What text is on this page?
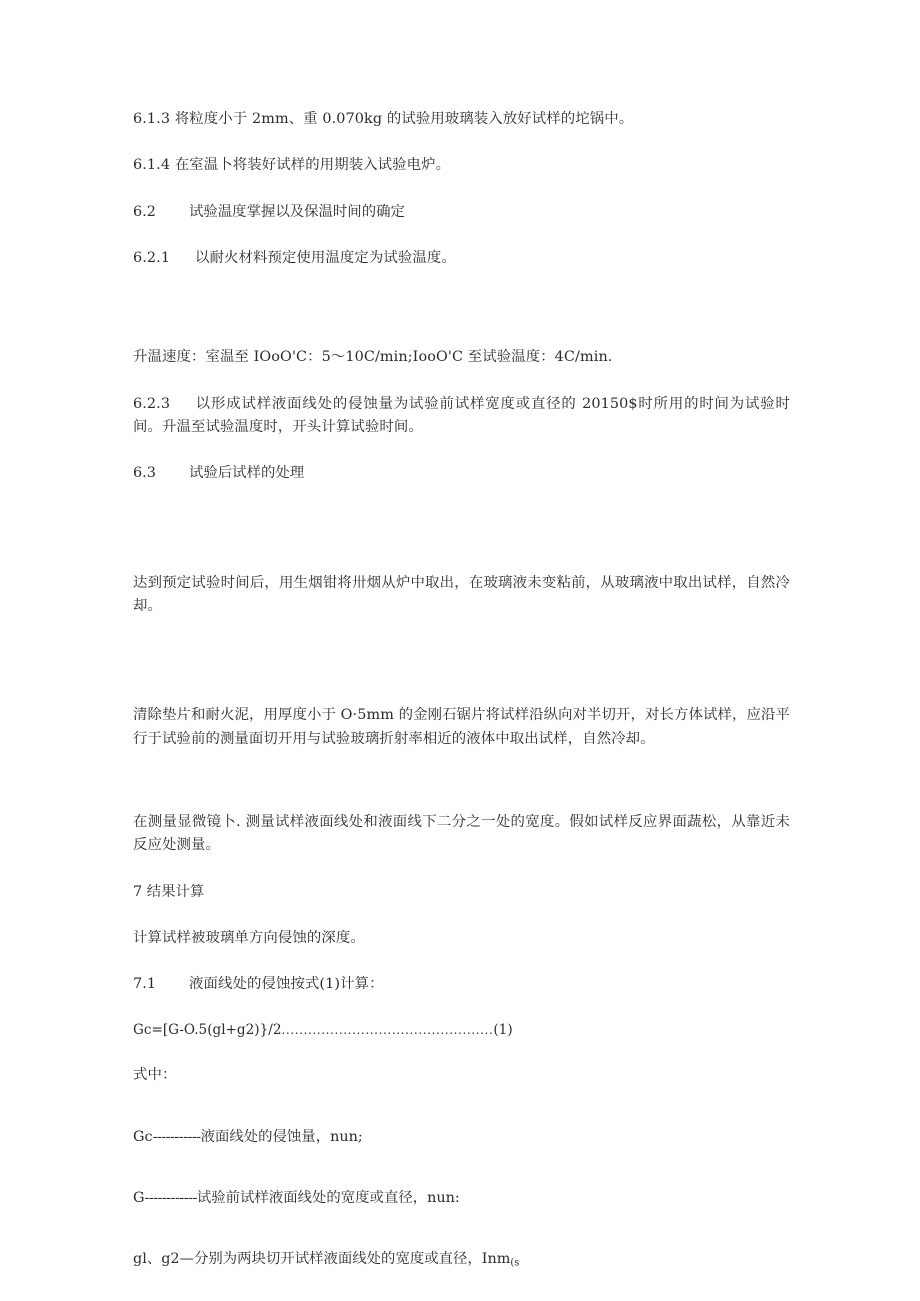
6.1.3 将粒度小于 2mm、重 0.070kg 的试验用玻璃装入放好试样的坨锅中。

6.1.4 在室温卜将装好试样的用期装入试验电炉。

6.2 试验温度掌握以及保温时间的确定

6.2.1 以耐火材料预定使用温度定为试验温度。

升温速度：室温至 IOoO'C：5～10C/min;IooO'C 至试验温度：4C/min.

6.2.3 以形成试样液面线处的侵蚀量为试验前试样宽度或直径的 20150$时所用的时间为试验时间。升温至试验温度时，开头计算试验时间。

6.3 试验后试样的处理

达到预定试验时间后，用生烟钳将卅烟从炉中取出，在玻璃液未变粘前，从玻璃液中取出试样，自然冷却。

清除垫片和耐火泥，用厚度小于 O·5mm 的金刚石锯片将试样沿纵向对半切开，对长方体试样，应沿平行于试验前的测量面切开用与试验玻璃折射率相近的液体中取出试样，自然冷却。

在测量显微镜卜. 测量试样液面线处和液面线下二分之一处的宽度。假如试样反应界面蔬松，从靠近未反应处测量。

7 结果计算

计算试样被玻璃单方向侵蚀的深度。

7.1 液面线处的侵蚀按式(1)计算：

Gc=[G-O.5(gl+g2)}/2................................................(1)

式中：

Gc-----------液面线处的侵蚀量，nun;

G------------试验前试样液面线处的宽度或直径，nun:

gl、g2—分别为两块切开试样液面线处的宽度或直径，Inm$_{(s}$
